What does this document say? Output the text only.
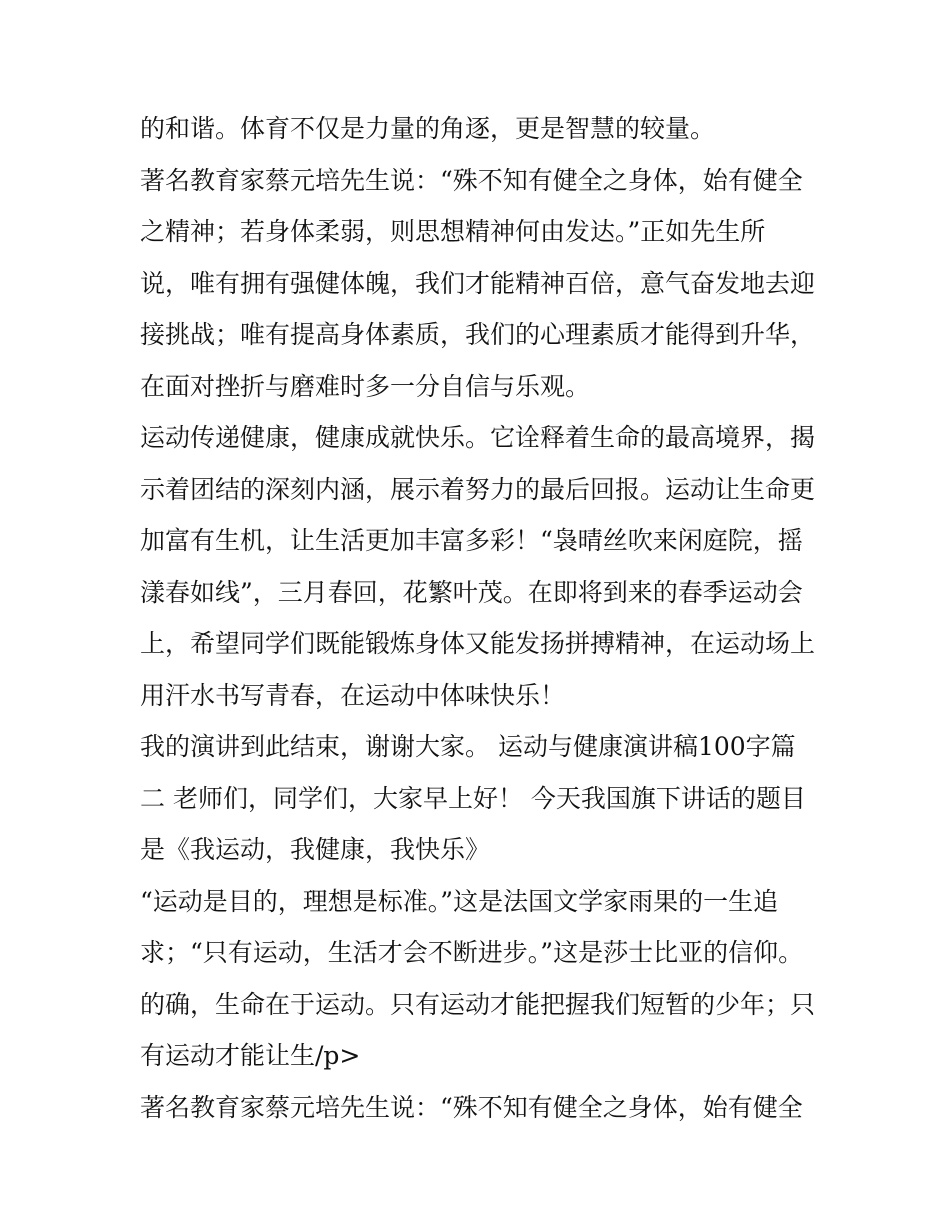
的和谐。体育不仅是力量的角逐，更是智慧的较量。

著名教育家蔡元培先生说：“殊不知有健全之身体，始有健全
之精神；若身体柔弱，则思想精神何由发达。”正如先生所
说，唯有拥有强健体魄，我们才能精神百倍，意气奋发地去迎
接挑战；唯有提高身体素质，我们的心理素质才能得到升华，
在面对挫折与磨难时多一分自信与乐观。

运动传递健康，健康成就快乐。它诠释着生命的最高境界，揭
示着团结的深刻内涵，展示着努力的最后回报。运动让生命更
加富有生机，让生活更加丰富多彩！“袅晴丝吹来闲庭院，摇
漾春如线”，三月春回，花繁叶茂。在即将到来的春季运动会
上，希望同学们既能锻炼身体又能发扬拼搏精神，在运动场上
用汗水书写青春，在运动中体味快乐！

我的演讲到此结束，谢谢大家。 运动与健康演讲稿100字篇
二 老师们，同学们，大家早上好！ 今天我国旗下讲话的题目
是《我运动，我健康，我快乐》

“运动是目的，理想是标准。”这是法国文学家雨果的一生追
求；“只有运动，生活才会不断进步。”这是莎士比亚的信仰。
的确，生命在于运动。只有运动才能把握我们短暂的少年；只
有运动才能让生/p>

著名教育家蔡元培先生说：“殊不知有健全之身体，始有健全
